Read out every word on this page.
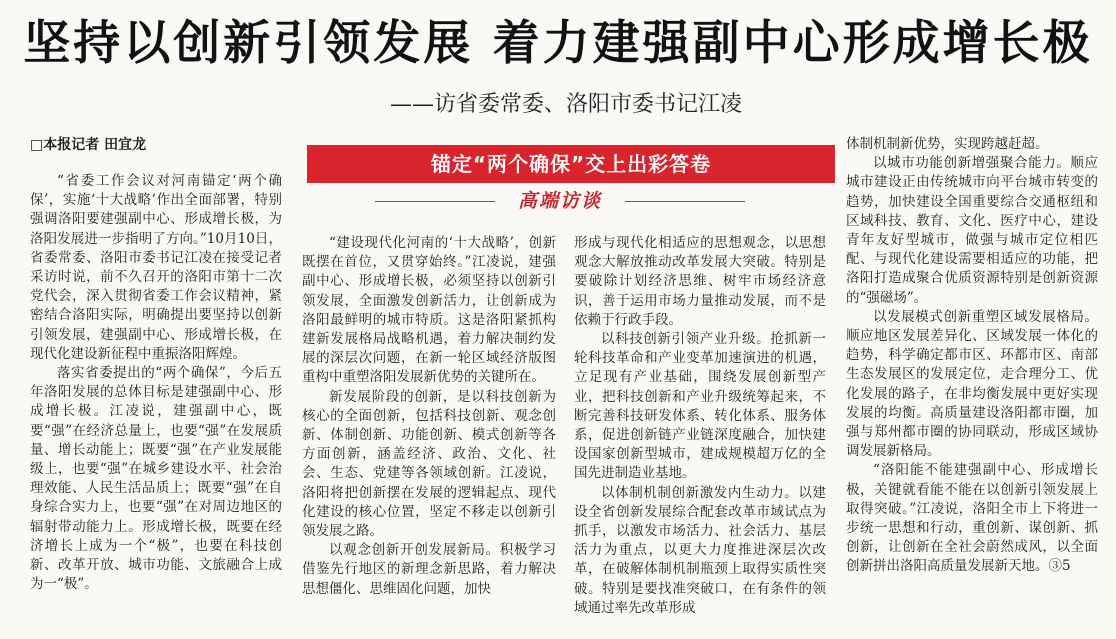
坚持以创新引领发展 着力建强副中心形成增长极
——访省委常委、洛阳市委书记江凌
□本报记者 田宜龙
锚定“两个确保”交上出彩答卷
高端访谈

“省委工作会议对河南锚定‘两个确保’，实施‘十大战略’作出全面部署，特别强调洛阳要建强副中心、形成增长极，为洛阳发展进一步指明了方向。”10月10日，省委常委、洛阳市委书记江凌在接受记者采访时说，前不久召开的洛阳市第十二次党代会，深入贯彻省委工作会议精神，紧密结合洛阳实际，明确提出要坚持以创新引领发展，建强副中心、形成增长极，在现代化建设新征程中重振洛阳辉煌。

落实省委提出的“两个确保”，今后五年洛阳发展的总体目标是建强副中心、形成增长极。江凌说，建强副中心，既要“强”在经济总量上，也要“强”在发展质量、增长动能上；既要“强”在产业发展能级上，也要“强”在城乡建设水平、社会治理效能、人民生活品质上；既要“强”在自身综合实力上，也要“强”在对周边地区的辐射带动能力上。形成增长极，既要在经济增长上成为一个“极”，也要在科技创新、改革开放、城市功能、文旅融合上成为一“极”。

“建设现代化河南的‘十大战略’，创新既摆在首位，又贯穿始终。”江凌说，建强副中心、形成增长极，必须坚持以创新引领发展，全面激发创新活力，让创新成为洛阳最鲜明的城市特质。这是洛阳紧抓构建新发展格局战略机遇，着力解决制约发展的深层次问题，在新一轮区域经济版图重构中重塑洛阳发展新优势的关键所在。

新发展阶段的创新，是以科技创新为核心的全面创新，包括科技创新、观念创新、体制创新、功能创新、模式创新等各方面创新，涵盖经济、政治、文化、社会、生态、党建等各领域创新。江凌说，洛阳将把创新摆在发展的逻辑起点、现代化建设的核心位置，坚定不移走以创新引领发展之路。

以观念创新开创发展新局。积极学习借鉴先行地区的新理念新思路，着力解决思想僵化、思维固化问题，加快

形成与现代化相适应的思想观念，以思想观念大解放推动改革发展大突破。特别是要破除计划经济思维、树牢市场经济意识，善于运用市场力量推动发展，而不是依赖于行政手段。

以科技创新引领产业升级。抢抓新一轮科技革命和产业变革加速演进的机遇，立足现有产业基础，围绕发展创新型产业，把科技创新和产业升级统筹起来，不断完善科技研发体系、转化体系、服务体系，促进创新链产业链深度融合，加快建设国家创新型城市，建成规模超万亿的全国先进制造业基地。

以体制机制创新激发内生动力。以建设全省创新发展综合配套改革市域试点为抓手，以激发市场活力、社会活力、基层活力为重点，以更大力度推进深层次改革，在破解体制机制瓶颈上取得实质性突破。特别是要找准突破口，在有条件的领域通过率先改革形成

体制机制新优势，实现跨越赶超。

以城市功能创新增强聚合能力。顺应城市建设正由传统城市向平台城市转变的趋势，加快建设全国重要综合交通枢纽和区域科技、教育、文化、医疗中心，建设青年友好型城市，做强与城市定位相匹配、与现代化建设需要相适应的功能，把洛阳打造成聚合优质资源特别是创新资源的“强磁场”。

以发展模式创新重塑区域发展格局。顺应地区发展差异化、区域发展一体化的趋势，科学确定都市区、环都市区、南部生态发展区的发展定位，走合理分工、优化发展的路子，在非均衡发展中更好实现发展的均衡。高质量建设洛阳都市圈，加强与郑州都市圈的协同联动，形成区域协调发展新格局。

“洛阳能不能建强副中心、形成增长极，关键就看能不能在以创新引领发展上取得突破。”江凌说，洛阳全市上下将进一步统一思想和行动，重创新、谋创新、抓创新，让创新在全社会蔚然成风，以全面创新拼出洛阳高质量发展新天地。③5
